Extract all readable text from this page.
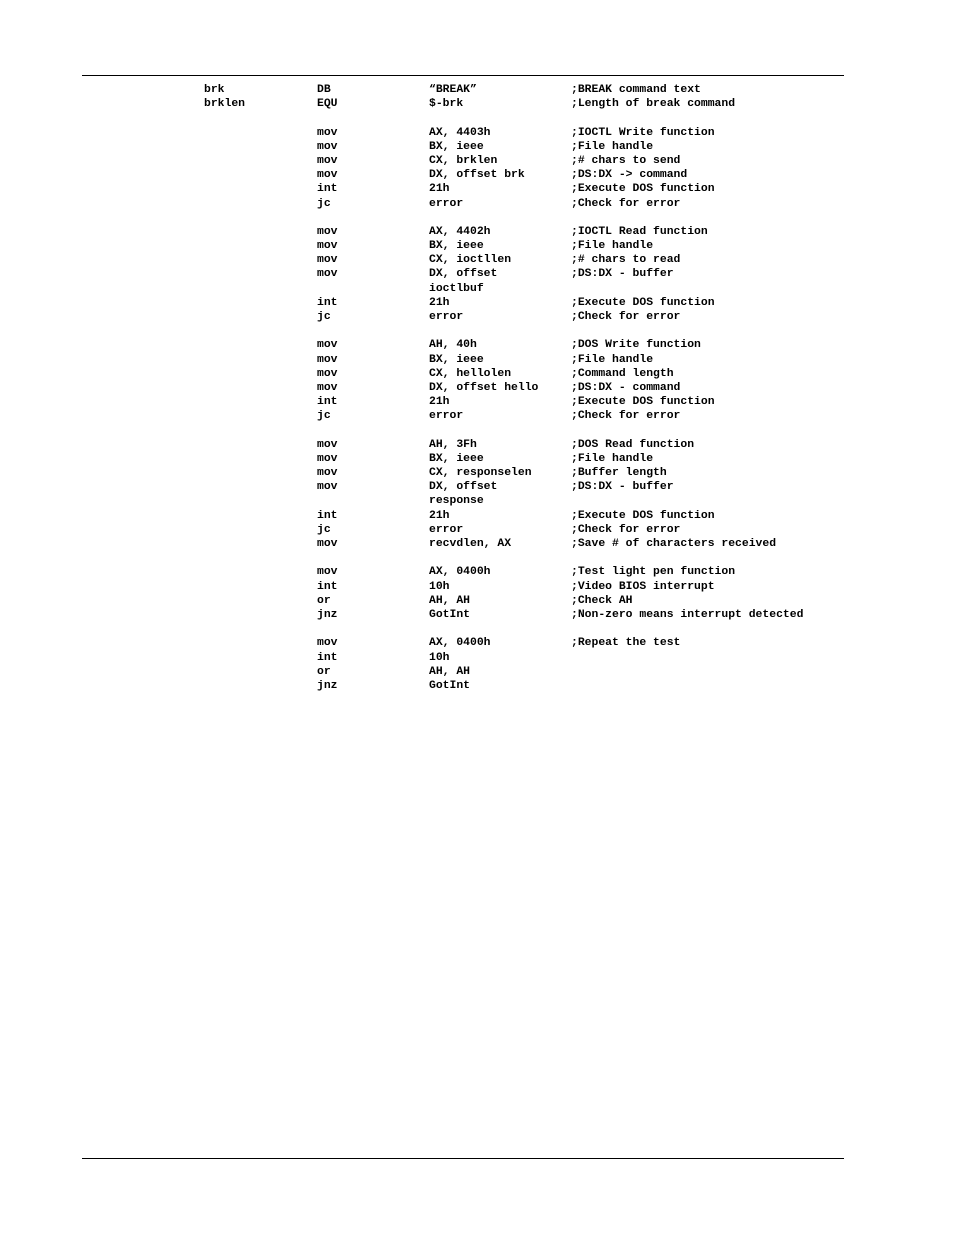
brk	DB	“BREAK”	;BREAK command text
brklen	EQU	$-brk	;Length of break command
mov	AX, 4403h	;IOCTL Write function
mov	BX, ieee	;File handle
mov	CX, brklen	;# chars to send
mov	DX, offset brk	;DS:DX -> command
int	21h	;Execute DOS function
jc	error	;Check for error
mov	AX, 4402h	;IOCTL Read function
mov	BX, ieee	;File handle
mov	CX, ioctllen	;# chars to read
mov	DX, offset	;DS:DX - buffer
ioctlbuf
int	21h	;Execute DOS function
jc	error	;Check for error
mov	AH, 40h	;DOS Write function
mov	BX, ieee	;File handle
mov	CX, hellolen	;Command length
mov	DX, offset hello	;DS:DX - command
int	21h	;Execute DOS function
jc	error	;Check for error
mov	AH, 3Fh	;DOS Read function
mov	BX, ieee	;File handle
mov	CX, responselen	;Buffer length
mov	DX, offset	;DS:DX - buffer
response
int	21h	;Execute DOS function
jc	error	;Check for error
mov	recvdlen, AX	;Save # of characters received
mov	AX, 0400h	;Test light pen function
int	10h	;Video BIOS interrupt
or	AH, AH	;Check AH
jnz	GotInt	;Non-zero means interrupt detected
mov	AX, 0400h	;Repeat the test
int	10h
or	AH, AH
jnz	GotInt
